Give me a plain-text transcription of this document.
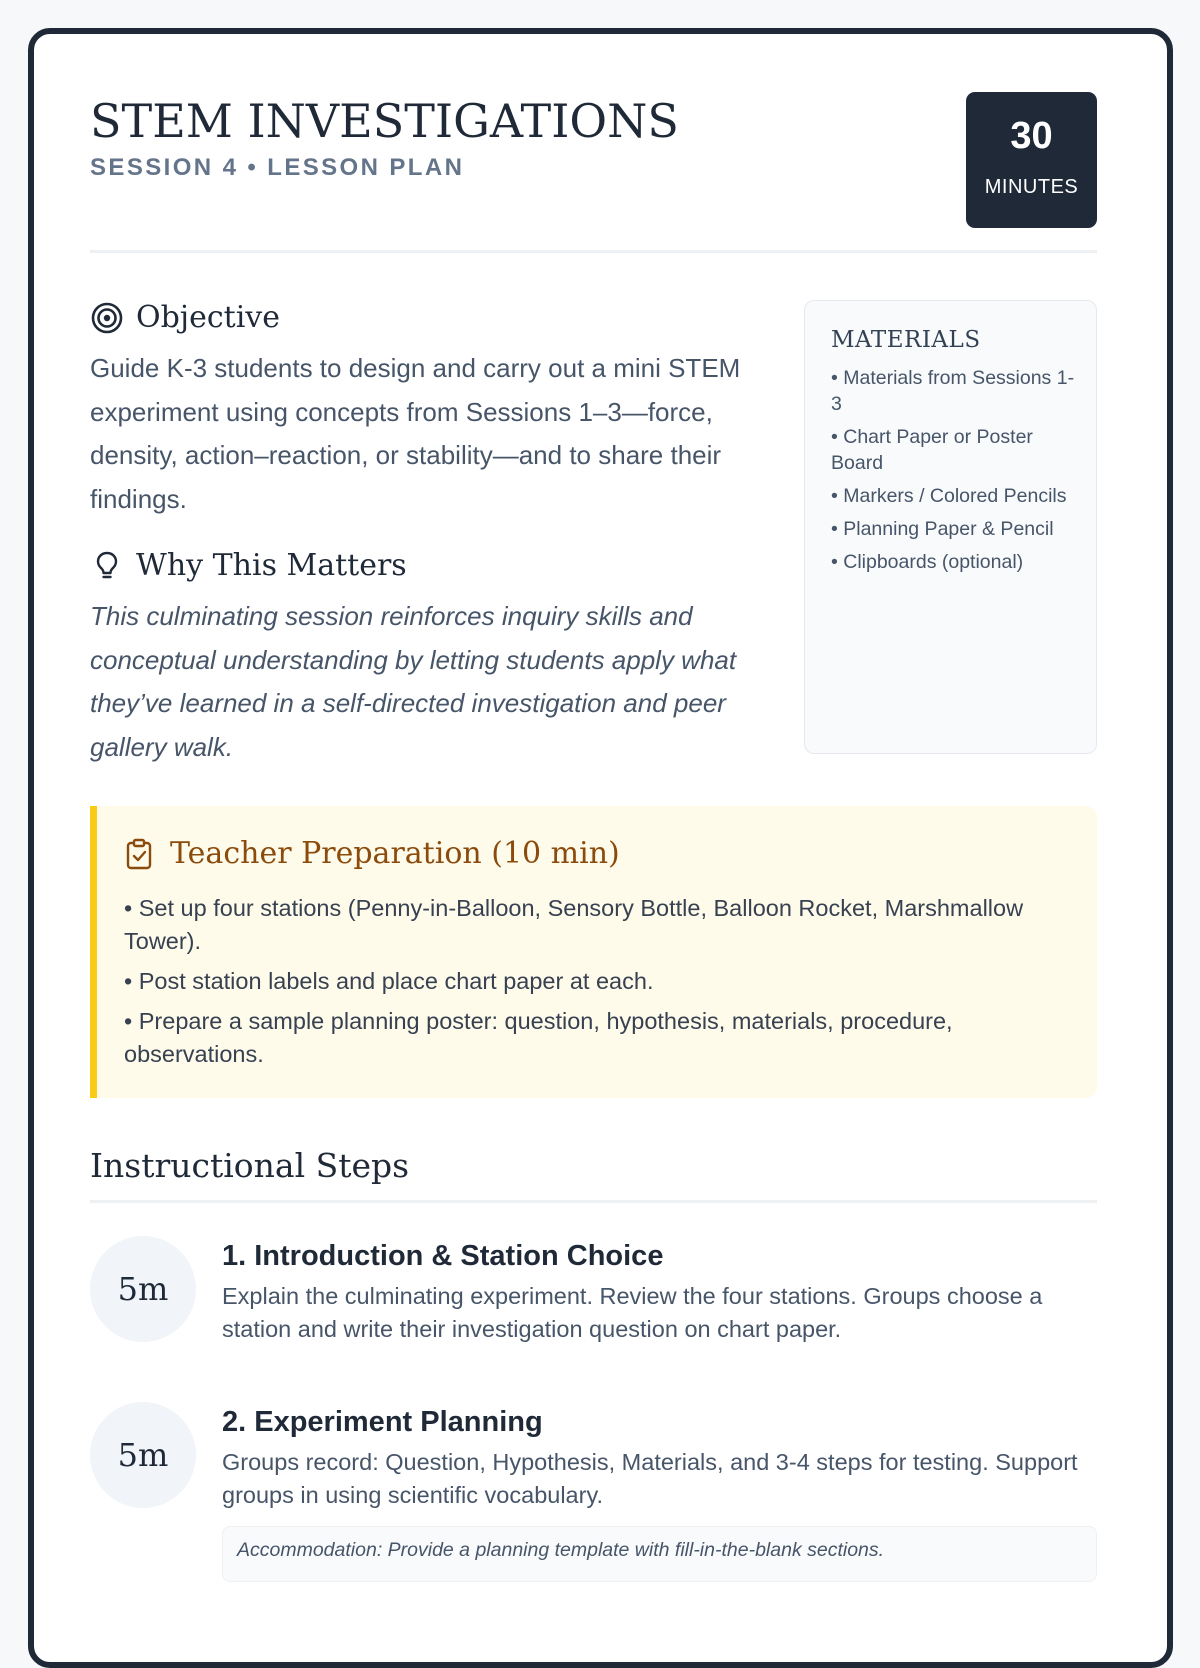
STEM INVESTIGATIONS
SESSION 4 • LESSON PLAN
30
MINUTES
Objective
Guide K-3 students to design and carry out a mini STEM experiment using concepts from Sessions 1–3—force, density, action–reaction, or stability—and to share their findings.
Why This Matters
This culminating session reinforces inquiry skills and conceptual understanding by letting students apply what they’ve learned in a self-directed investigation and peer gallery walk.
MATERIALS
• Materials from Sessions 1-3
• Chart Paper or Poster Board
• Markers / Colored Pencils
• Planning Paper & Pencil
• Clipboards (optional)
Teacher Preparation (10 min)
• Set up four stations (Penny-in-Balloon, Sensory Bottle, Balloon Rocket, Marshmallow Tower).
• Post station labels and place chart paper at each.
• Prepare a sample planning poster: question, hypothesis, materials, procedure, observations.
Instructional Steps
5m
1. Introduction & Station Choice
Explain the culminating experiment. Review the four stations. Groups choose a station and write their investigation question on chart paper.
5m
2. Experiment Planning
Groups record: Question, Hypothesis, Materials, and 3-4 steps for testing. Support groups in using scientific vocabulary.
Accommodation: Provide a planning template with fill-in-the-blank sections.
